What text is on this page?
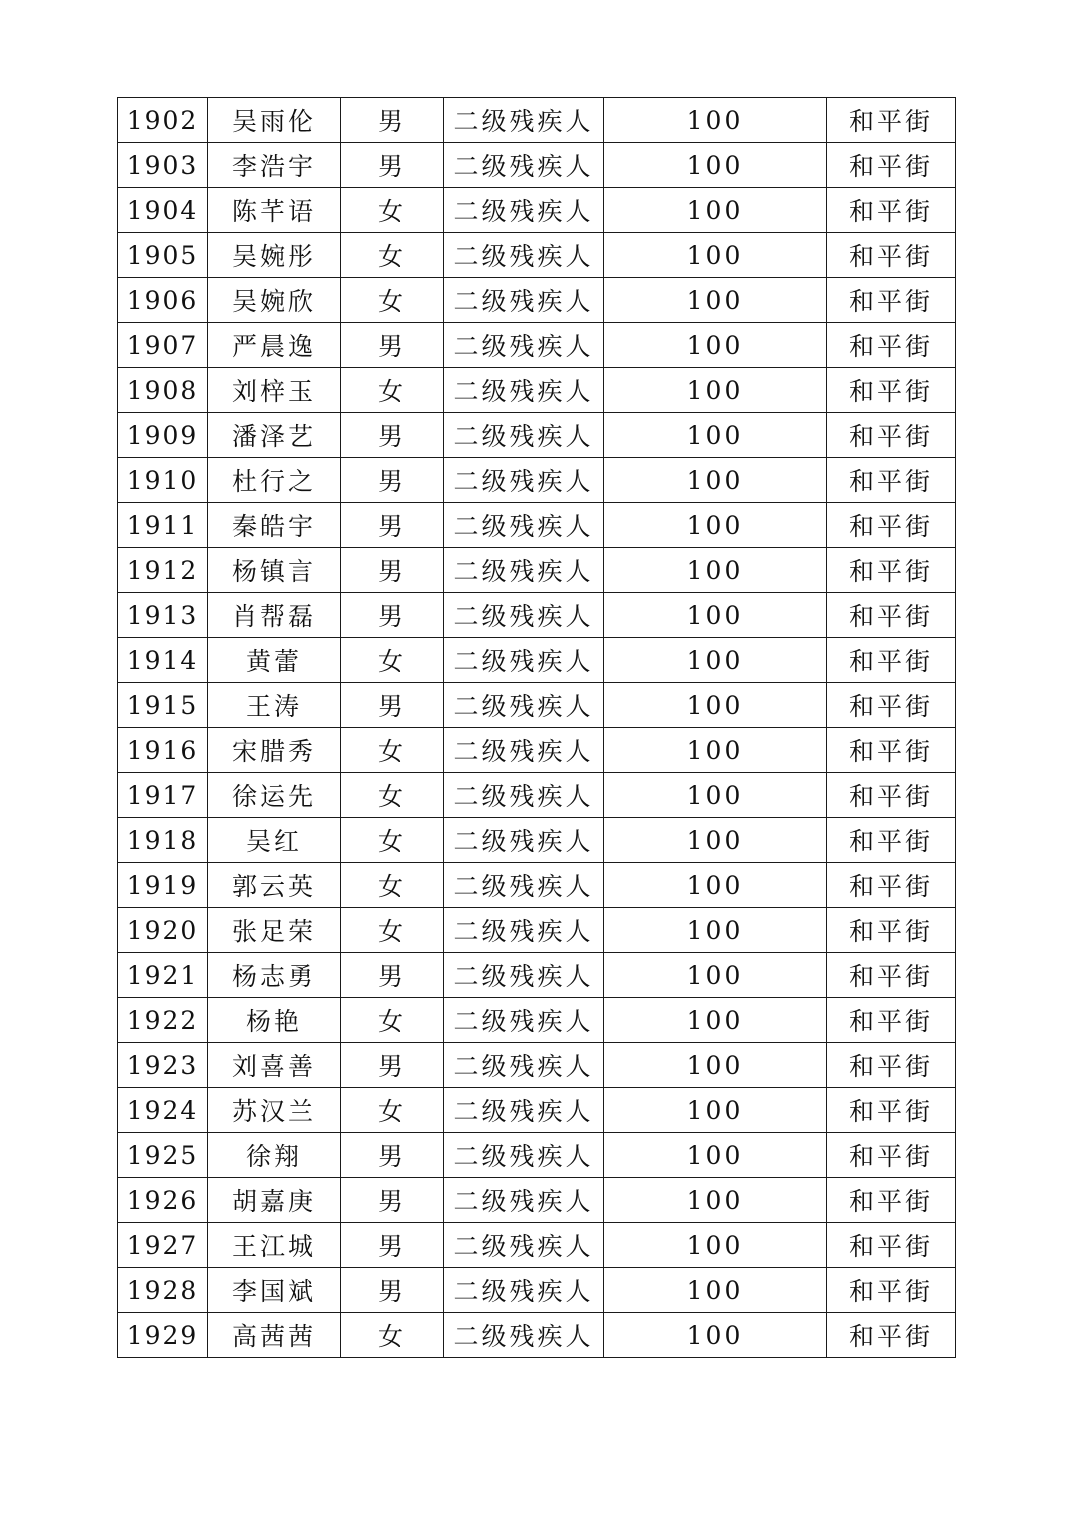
1902	吴雨伦	男	二级残疾人	100	和平街
1903	李浩宇	男	二级残疾人	100	和平街
1904	陈芊语	女	二级残疾人	100	和平街
1905	吴婉彤	女	二级残疾人	100	和平街
1906	吴婉欣	女	二级残疾人	100	和平街
1907	严晨逸	男	二级残疾人	100	和平街
1908	刘梓玉	女	二级残疾人	100	和平街
1909	潘泽艺	男	二级残疾人	100	和平街
1910	杜行之	男	二级残疾人	100	和平街
1911	秦皓宇	男	二级残疾人	100	和平街
1912	杨镇言	男	二级残疾人	100	和平街
1913	肖帮磊	男	二级残疾人	100	和平街
1914	黄蕾	女	二级残疾人	100	和平街
1915	王涛	男	二级残疾人	100	和平街
1916	宋腊秀	女	二级残疾人	100	和平街
1917	徐运先	女	二级残疾人	100	和平街
1918	吴红	女	二级残疾人	100	和平街
1919	郭云英	女	二级残疾人	100	和平街
1920	张足荣	女	二级残疾人	100	和平街
1921	杨志勇	男	二级残疾人	100	和平街
1922	杨艳	女	二级残疾人	100	和平街
1923	刘喜善	男	二级残疾人	100	和平街
1924	苏汉兰	女	二级残疾人	100	和平街
1925	徐翔	男	二级残疾人	100	和平街
1926	胡嘉庚	男	二级残疾人	100	和平街
1927	王江城	男	二级残疾人	100	和平街
1928	李国斌	男	二级残疾人	100	和平街
1929	高茜茜	女	二级残疾人	100	和平街
